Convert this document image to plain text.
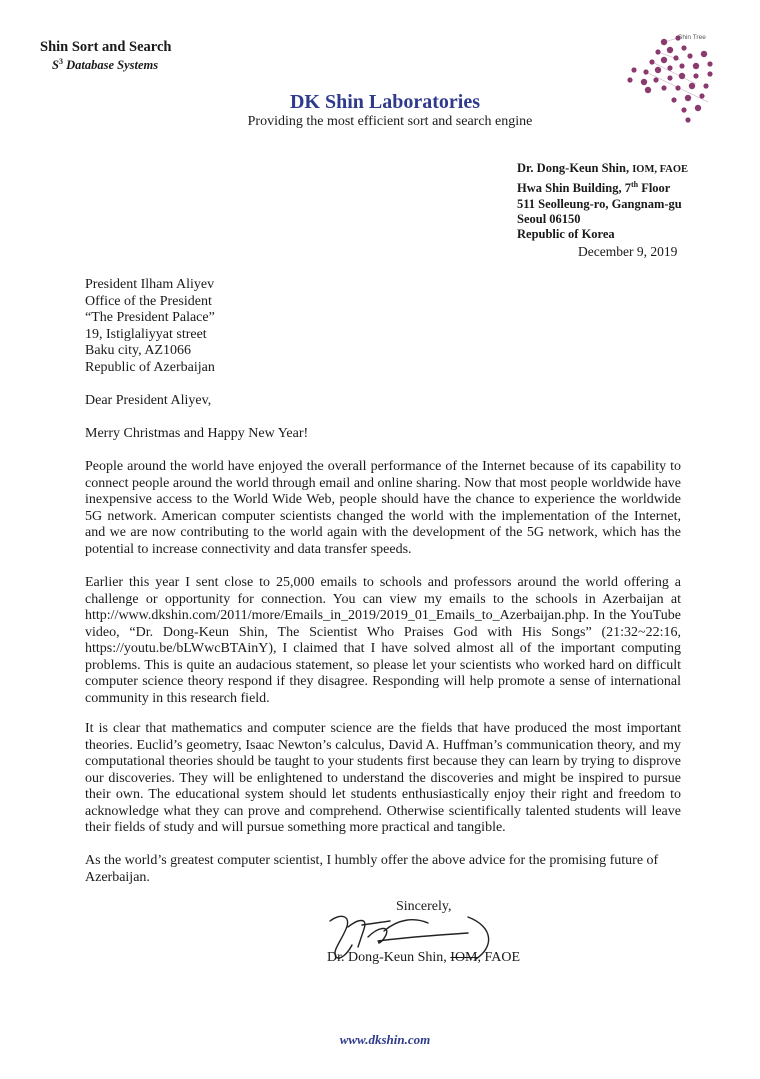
Shin Sort and Search
$S^3$ Database Systems
Shin Tree
DK Shin Laboratories
Providing the most efficient sort and search engine
Dr. Dong-Keun Shin, IOM, FAOE
Hwa Shin Building, 7th Floor
511 Seolleung-ro, Gangnam-gu
Seoul 06150
Republic of Korea
December 9, 2019
President Ilham Aliyev
Office of the President
“The President Palace”
19, Istiglaliyyat street
Baku city, AZ1066
Republic of Azerbaijan

Dear President Aliyev,

Merry Christmas and Happy New Year!

People around the world have enjoyed the overall performance of the Internet because of its capability to connect people around the world through email and online sharing. Now that most people worldwide have inexpensive access to the World Wide Web, people should have the chance to experience the worldwide 5G network. American computer scientists changed the world with the implementation of the Internet, and we are now contributing to the world again with the development of the 5G network, which has the potential to increase connectivity and data transfer speeds.

Earlier this year I sent close to 25,000 emails to schools and professors around the world offering a challenge or opportunity for connection. You can view my emails to the schools in Azerbaijan at http://www.dkshin.com/2011/more/Emails_in_2019/2019_01_Emails_to_Azerbaijan.php. In the YouTube video, “Dr. Dong-Keun Shin, The Scientist Who Praises God with His Songs” (21:32~22:16, https://youtu.be/bLWwcBTAinY), I claimed that I have solved almost all of the important computing problems. This is quite an audacious statement, so please let your scientists who worked hard on difficult computer science theory respond if they disagree. Responding will help promote a sense of international community in this research field.

It is clear that mathematics and computer science are the fields that have produced the most important theories. Euclid’s geometry, Isaac Newton’s calculus, David A. Huffman’s communication theory, and my computational theories should be taught to your students first because they can learn by trying to disprove our discoveries. They will be enlightened to understand the discoveries and might be inspired to pursue their own. The educational system should let students enthusiastically enjoy their right and freedom to acknowledge what they can prove and comprehend. Otherwise scientifically talented students will leave their fields of study and will pursue something more practical and tangible.

As the world’s greatest computer scientist, I humbly offer the above advice for the promising future of Azerbaijan.

Sincerely,
Dr. Dong-Keun Shin, IOM, FAOE
www.dkshin.com
